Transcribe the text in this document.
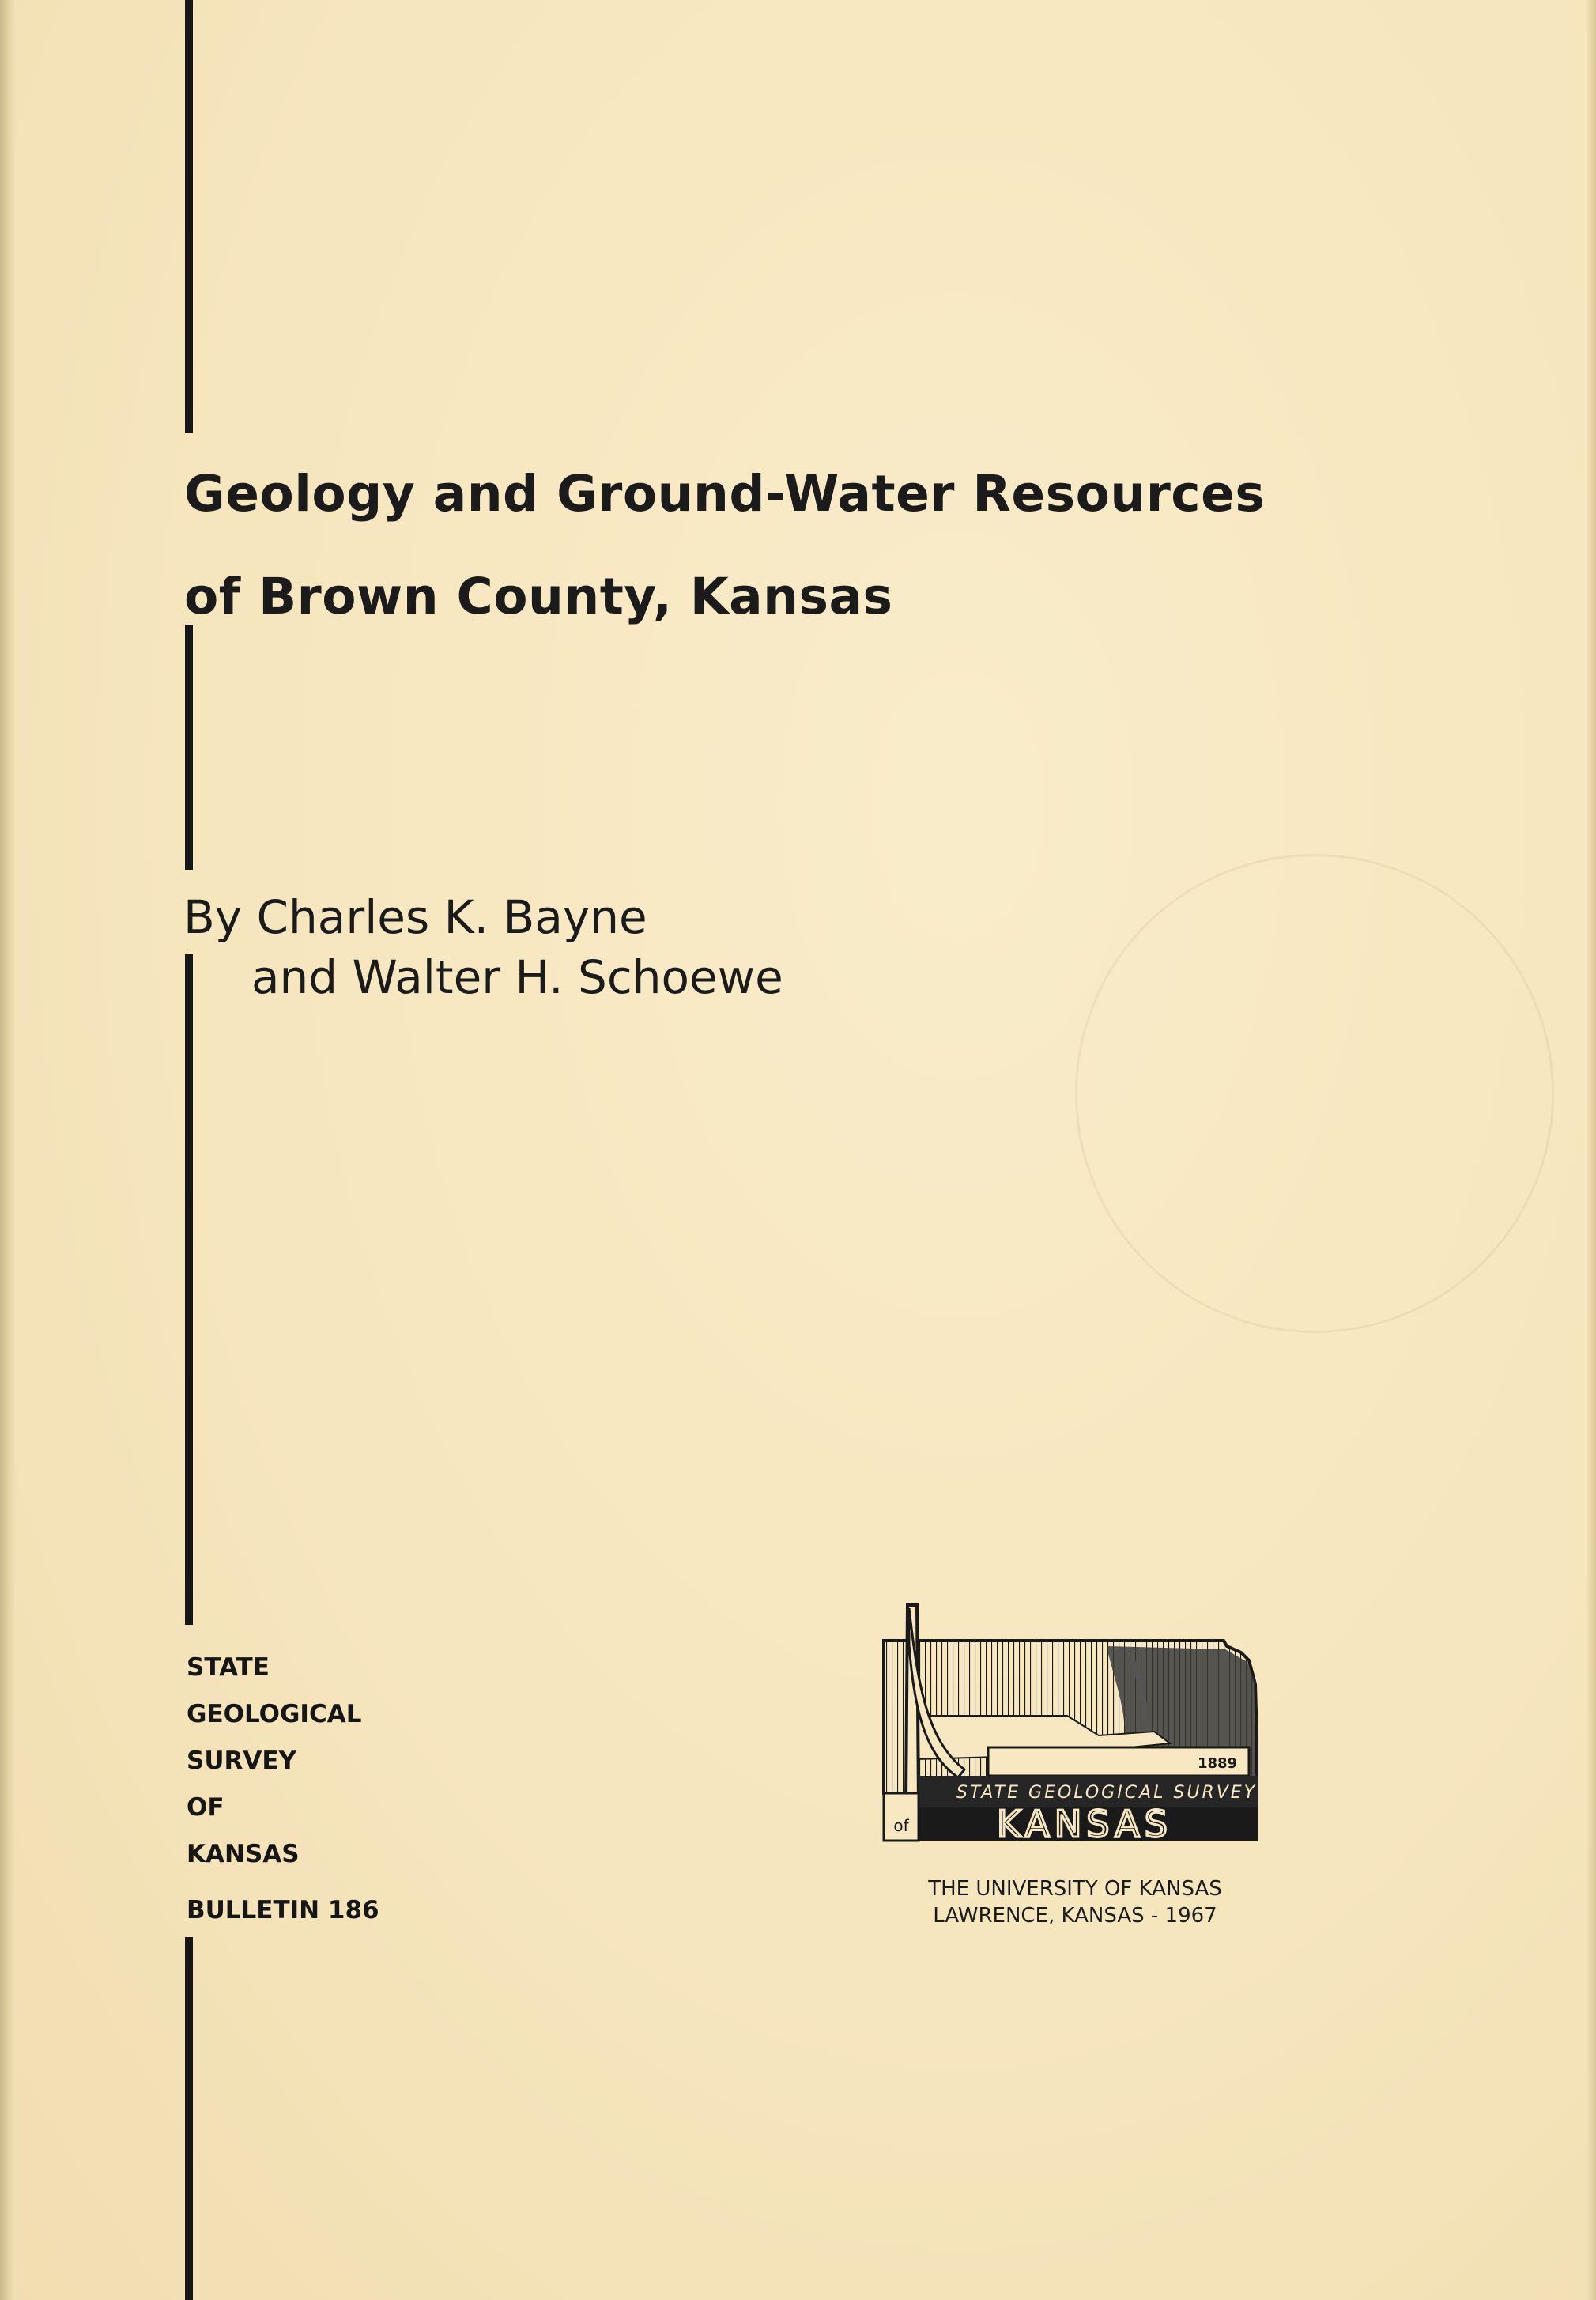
Geology and Ground-Water Resources
of Brown County, Kansas
By Charles K. Bayne
and Walter H. Schoewe
STATE
GEOLOGICAL
SURVEY
OF
KANSAS
BULLETIN 186
1889
STATE GEOLOGICAL SURVEY
of KANSAS
THE UNIVERSITY OF KANSAS
LAWRENCE, KANSAS - 1967
